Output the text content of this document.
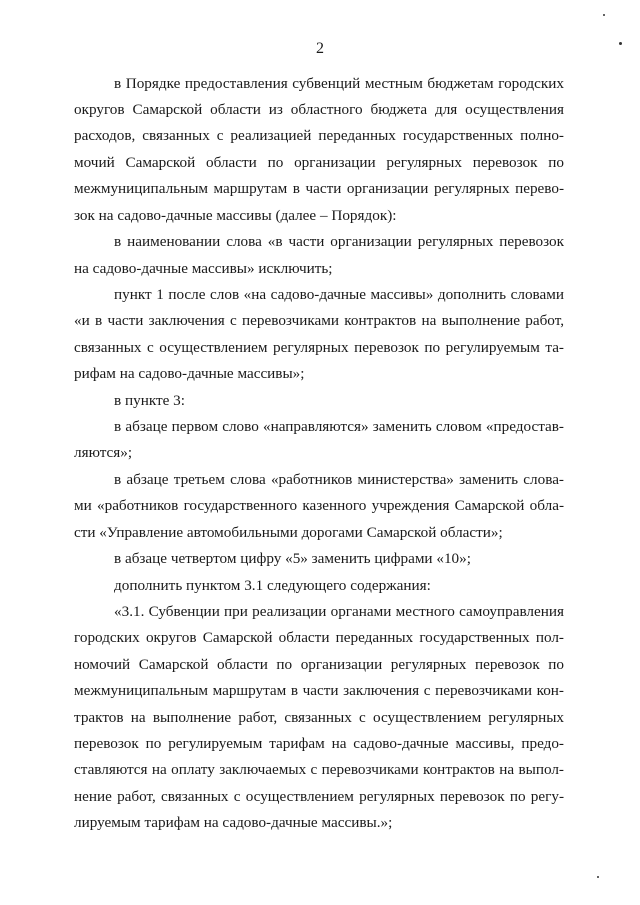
2
в Порядке предоставления субвенций местным бюджетам городских
округов Самарской области из областного бюджета для осуществления
расходов, связанных с реализацией переданных государственных полно-
мочий Самарской области по организации регулярных перевозок по
межмуниципальным маршрутам в части организации регулярных перево-
зок на садово-дачные массивы (далее – Порядок):
в наименовании слова «в части организации регулярных перевозок
на садово-дачные массивы» исключить;
пункт 1 после слов «на садово-дачные массивы» дополнить словами
«и в части заключения с перевозчиками контрактов на выполнение работ,
связанных с осуществлением регулярных перевозок по регулируемым та-
рифам на садово-дачные массивы»;
в пункте 3:
в абзаце первом слово «направляются» заменить словом «предостав-
ляются»;
в абзаце третьем слова «работников министерства» заменить слова-
ми «работников государственного казенного учреждения Самарской обла-
сти «Управление автомобильными дорогами Самарской области»;
в абзаце четвертом цифру «5» заменить цифрами «10»;
дополнить пунктом 3.1 следующего содержания:
«3.1. Субвенции при реализации органами местного самоуправления
городских округов Самарской области переданных государственных пол-
номочий Самарской области по организации регулярных перевозок по
межмуниципальным маршрутам в части заключения с перевозчиками кон-
трактов на выполнение работ, связанных с осуществлением регулярных
перевозок по регулируемым тарифам на садово-дачные массивы, предо-
ставляются на оплату заключаемых с перевозчиками контрактов на выпол-
нение работ, связанных с осуществлением регулярных перевозок по регу-
лируемым тарифам на садово-дачные массивы.»;
